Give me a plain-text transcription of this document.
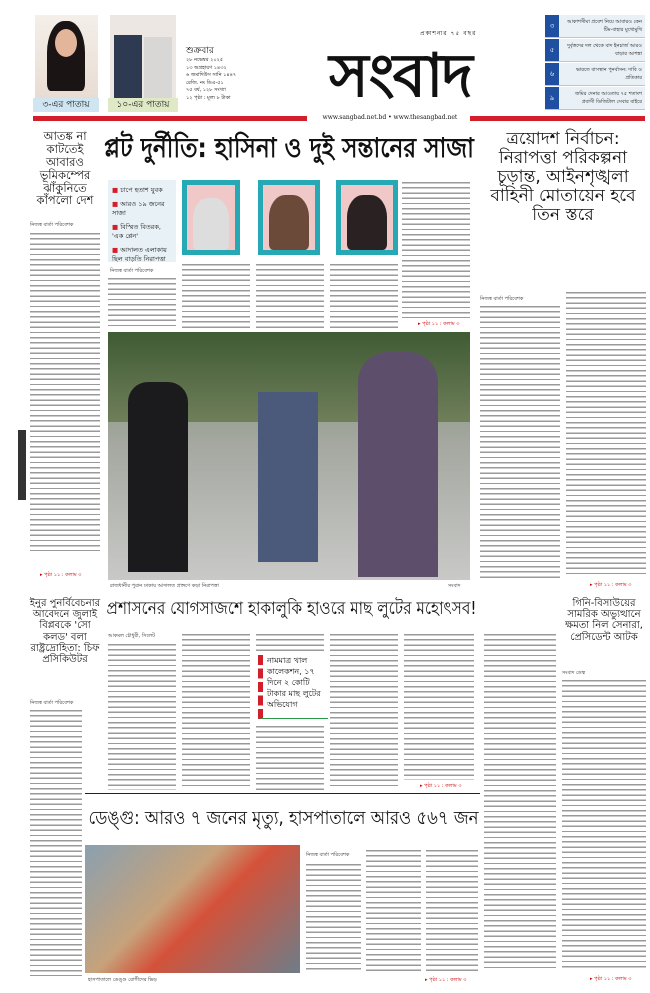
৩-এর পাতায়	১০-এর পাতায়
শুক্রবার
২৮ নভেম্বর ২০২৫
১৩ অগ্রহায়ণ ১৪৩২
৬ জমাদিউস সানি ১৪৪৭
রেজি. নং ডিএ-৫১
৭৫ বর্ষ, ১২৮ সংখ্যা
১২ পৃষ্ঠা : মূল্য ৮ টাকা
প্রকাশনার ৭৫ বছর
সংবাদ
৩	আকাশসীমা প্রবেশ নিয়ে আবারও কেন টিম-বাহার মুখোমুখি
৫	দুর্বৃত্তদের দল থেকে বাদ ইনচার্জ আরও বাড়ার আশঙ্কা
৬	ভারতে বাসস্থান পুনর্বাসন: দাবি ও প্রতিকার
৯	জমির দেনার আওতায় ৭৫ শতাংশ প্রবাসী ডিজিটাল সেবার বাইরে
www.sangbad.net.bd • www.thesangbad.net
আতঙ্ক না কাটতেই আবারও ভূমিকম্পের ঝাঁকুনিতে কাঁপলো দেশ
নিজস্ব বার্তা পরিবেশক
▸ পৃষ্ঠা ১১ : কলাম ৩
প্লট দুর্নীতি: হাসিনা ও দুই সন্তানের সাজা
■ চাপে হতাশ যুবক
■ আরও ১৯ জনের সাজা
■ বিস্মিত বিতরক, 'এক প্লেন'
■ আদালত এলাকায় ছিল বাড়তি নিরাপত্তা
নিজস্ব বার্তা পরিবেশক
▸ পৃষ্ঠা ১১ : কলাম ৩
রাজধানীর পুরান ঢাকায় আদালত প্রাঙ্গণে কড়া নিরাপত্তা	সংবাদ
ত্রয়োদশ নির্বাচন: নিরাপত্তা পরিকল্পনা চূড়ান্ত, আইনশৃঙ্খলা বাহিনী মোতায়েন হবে তিন স্তরে
নিজস্ব বার্তা পরিবেশক
▸ পৃষ্ঠা ১১ : কলাম ৩
প্রশাসনের যোগসাজশে হাকালুকি হাওরে মাছ লুটের মহোৎসব!
আকমল চৌধুরী, সিলেট
নামমাত্র খাল কালেকশন, ১৭ দিনে ২ কোটি টাকার মাছ লুটের অভিযোগ
▸ পৃষ্ঠা ১১ : কলাম ৩
ইনুর পুনর্বিবেচনার আবেদনে জুলাই বিপ্লবকে 'সো কলড' বলা রাষ্ট্রদ্রোহিতা: চিফ প্রসিকিউটর
নিজস্ব বার্তা পরিবেশক
গিনি-বিসাউয়ের সামরিক অভ্যুত্থানে ক্ষমতা নিল সেনারা, প্রেসিডেন্ট আটক
সংবাদ ডেস্ক
▸ পৃষ্ঠা ১১ : কলাম ৩
ডেঙ্গু: আরও ৭ জনের মৃত্যু, হাসপাতালে আরও ৫৬৭ জন
হাসপাতালে ডেঙ্গু রোগীদের ভিড়
নিজস্ব বার্তা পরিবেশক
▸ পৃষ্ঠা ১১ : কলাম ৩
